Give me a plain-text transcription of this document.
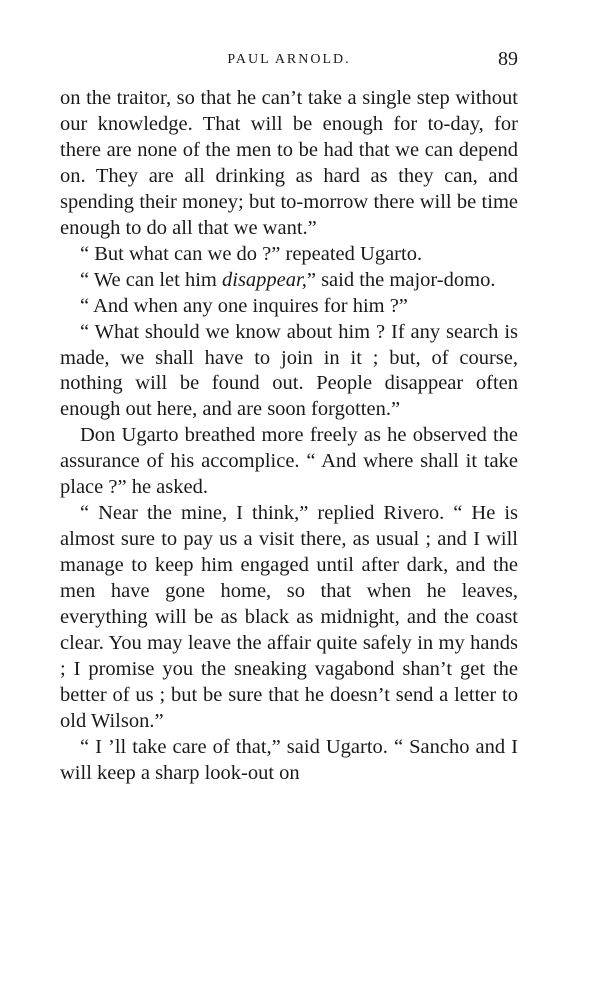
PAUL ARNOLD.	89

on the traitor, so that he can’t take a single step without our knowledge. That will be enough for to-day, for there are none of the men to be had that we can depend on. They are all drinking as hard as they can, and spending their money; but to-morrow there will be time enough to do all that we want.”

“ But what can we do ?” repeated Ugarto.

“ We can let him disappear,” said the major-domo.

“ And when any one inquires for him ?”

“ What should we know about him ? If any search is made, we shall have to join in it ; but, of course, nothing will be found out. People disappear often enough out here, and are soon forgotten.”

Don Ugarto breathed more freely as he observed the assurance of his accomplice. “ And where shall it take place ?” he asked.

“ Near the mine, I think,” replied Rivero. “ He is almost sure to pay us a visit there, as usual ; and I will manage to keep him engaged until after dark, and the men have gone home, so that when he leaves, everything will be as black as midnight, and the coast clear. You may leave the affair quite safely in my hands ; I promise you the sneaking vagabond shan’t get the better of us ; but be sure that he doesn’t send a letter to old Wilson.”

“ I ’ll take care of that,” said Ugarto. “ Sancho and I will keep a sharp look-out on
